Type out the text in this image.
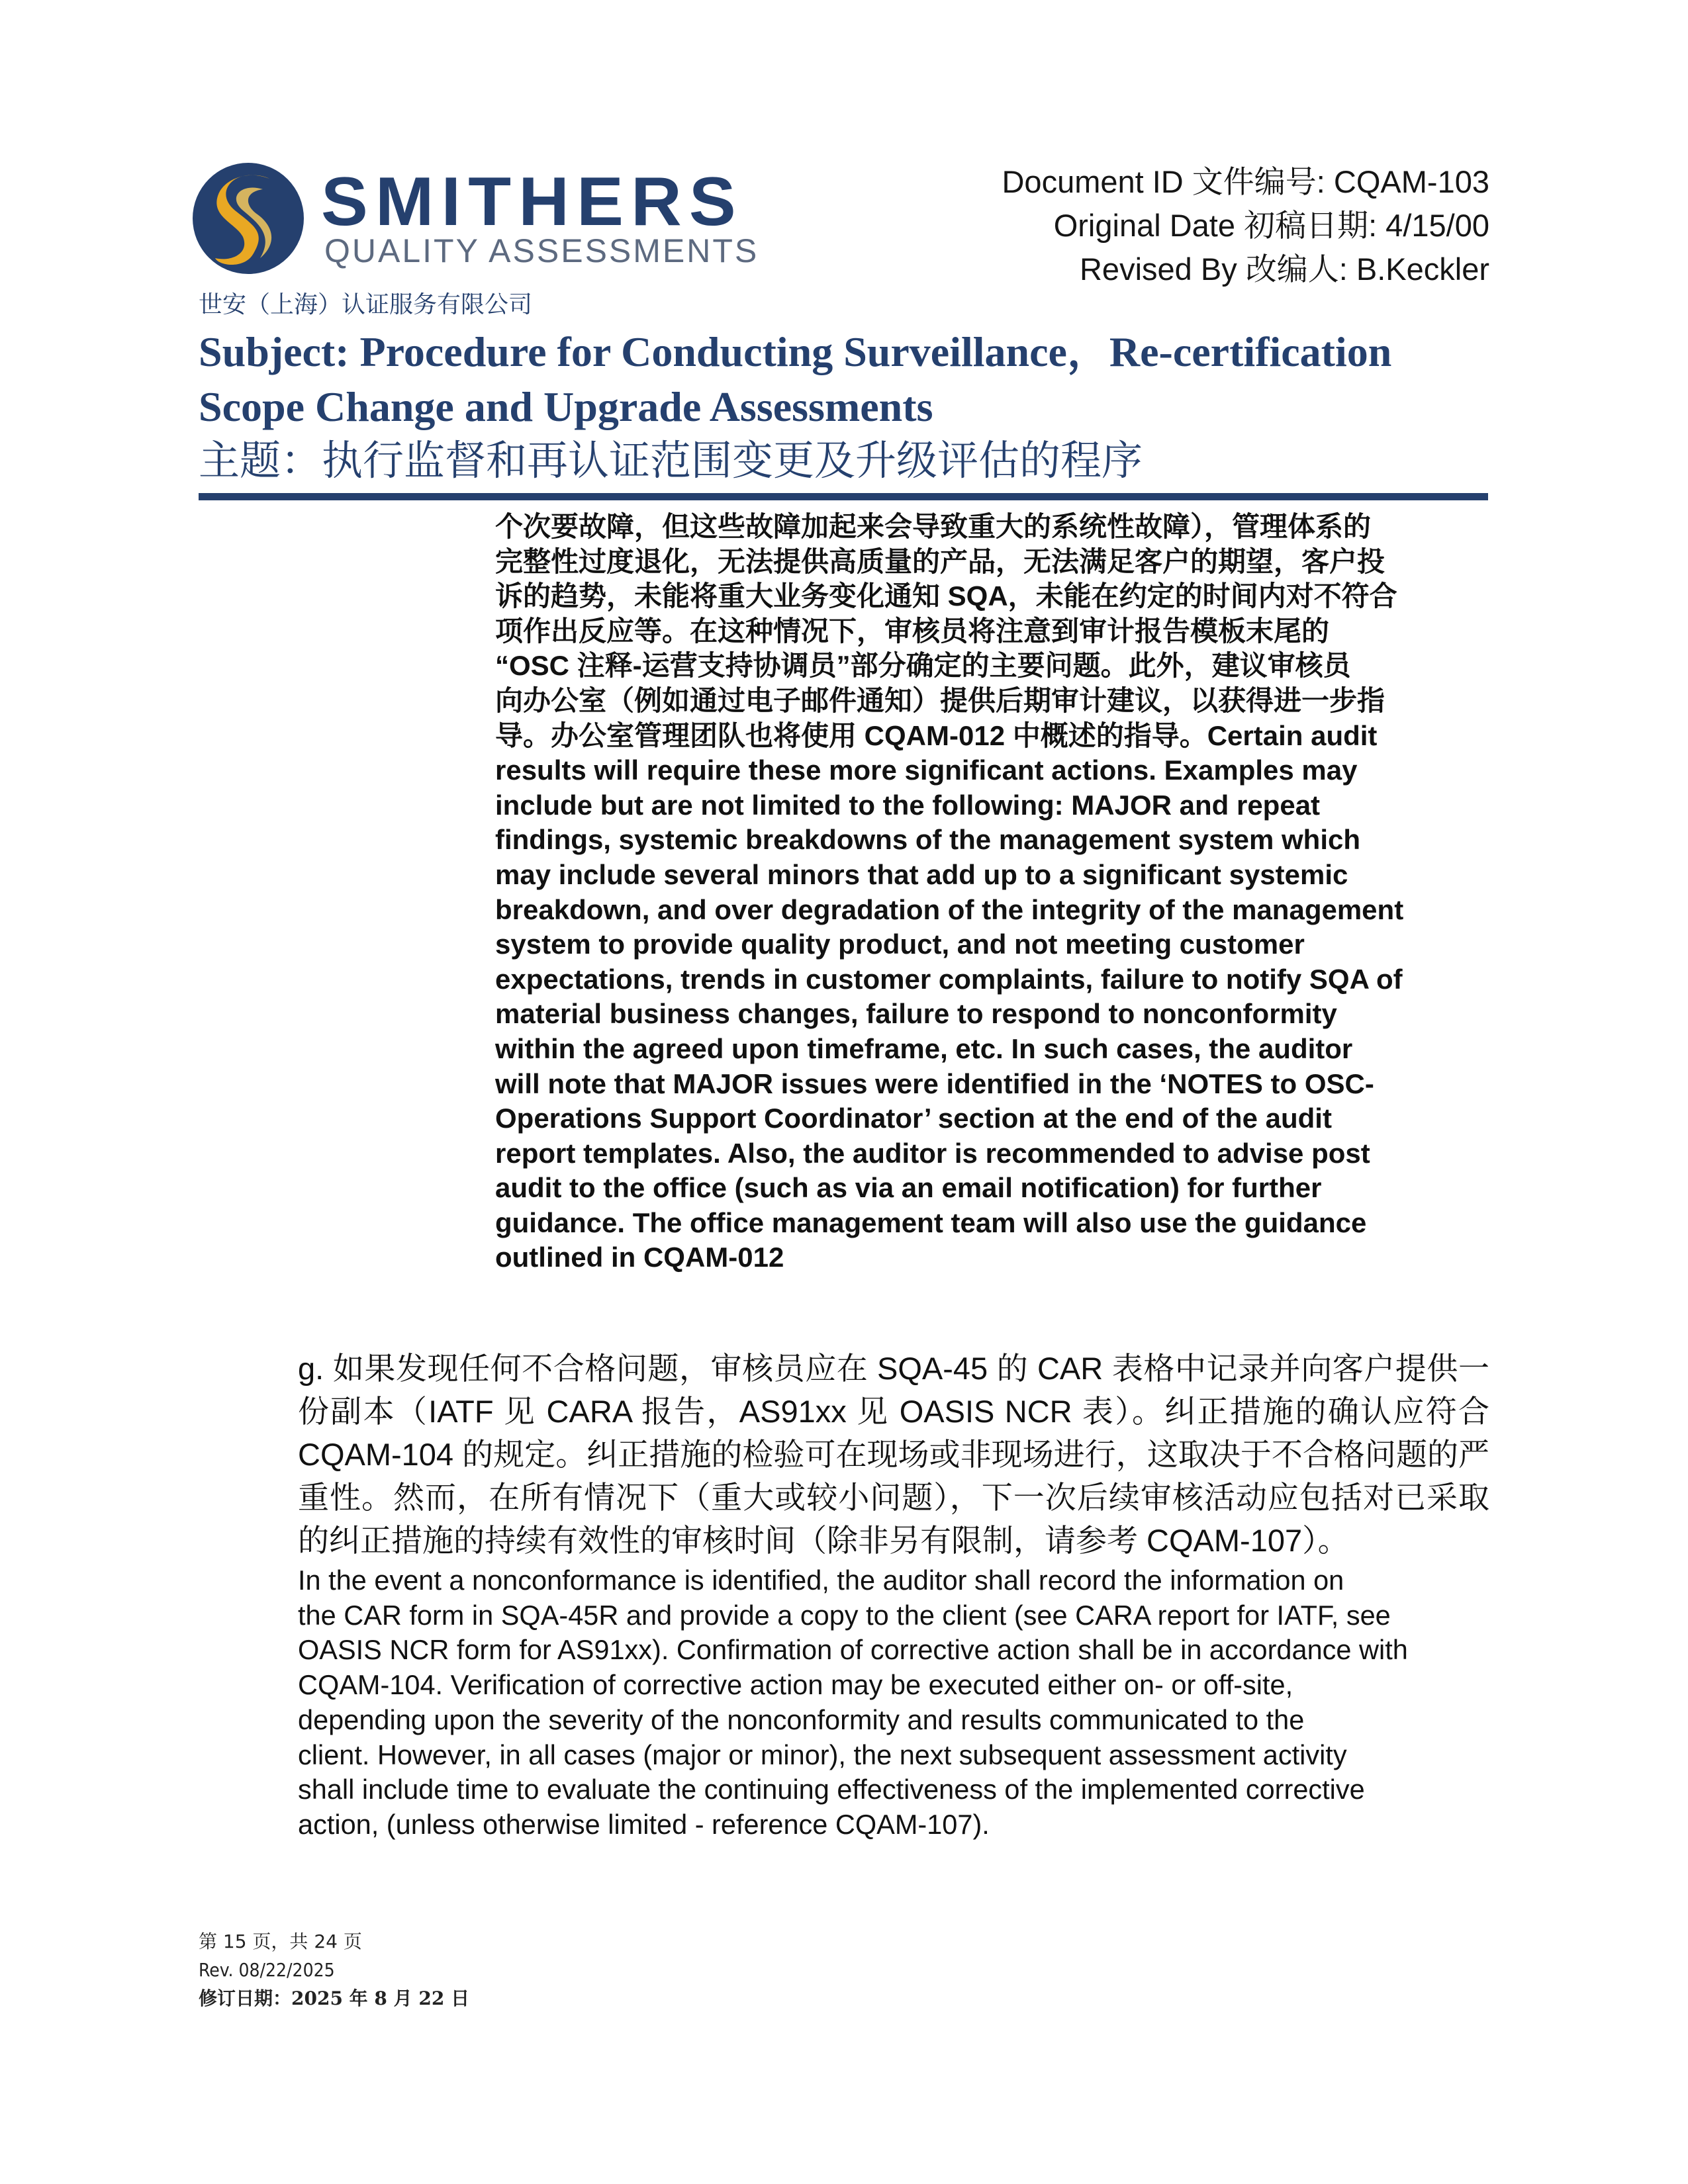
SMITHERS
QUALITY ASSESSMENTS
Document ID 文件编号: CQAM-103
Original Date 初稿日期: 4/15/00
Revised By 改编人: B.Keckler
世安（上海）认证服务有限公司
Subject: Procedure for Conducting Surveillance，Re-certification
Scope Change and Upgrade Assessments
主题：执行监督和再认证范围变更及升级评估的程序
个次要故障，但这些故障加起来会导致重大的系统性故障），管理体系的
完整性过度退化，无法提供高质量的产品，无法满足客户的期望，客户投
诉的趋势，未能将重大业务变化通知 SQA，未能在约定的时间内对不符合
项作出反应等。在这种情况下，审核员将注意到审计报告模板末尾的
“OSC 注释-运营支持协调员”部分确定的主要问题。此外，建议审核员
向办公室（例如通过电子邮件通知）提供后期审计建议，以获得进一步指
导。办公室管理团队也将使用 CQAM-012 中概述的指导。Certain audit
results will require these more significant actions. Examples may
include but are not limited to the following: MAJOR and repeat
findings, systemic breakdowns of the management system which
may include several minors that add up to a significant systemic
breakdown, and over degradation of the integrity of the management
system to provide quality product, and not meeting customer
expectations, trends in customer complaints, failure to notify SQA of
material business changes, failure to respond to nonconformity
within the agreed upon timeframe, etc. In such cases, the auditor
will note that MAJOR issues were identified in the ‘NOTES to OSC-
Operations Support Coordinator’ section at the end of the audit
report templates. Also, the auditor is recommended to advise post
audit to the office (such as via an email notification) for further
guidance. The office management team will also use the guidance
outlined in CQAM-012
g. 如果发现任何不合格问题，审核员应在 SQA-45 的 CAR 表格中记录并向客户提供一份副本（IATF 见 CARA 报告，AS91xx 见 OASIS NCR 表）。纠正措施的确认应符合 CQAM-104 的规定。纠正措施的检验可在现场或非现场进行，这取决于不合格问题的严重性。然而，在所有情况下（重大或较小问题），下一次后续审核活动应包括对已采取的纠正措施的持续有效性的审核时间（除非另有限制，请参考 CQAM-107）。
In the event a nonconformance is identified, the auditor shall record the information on
the CAR form in SQA-45R and provide a copy to the client (see CARA report for IATF, see
OASIS NCR form for AS91xx). Confirmation of corrective action shall be in accordance with
CQAM-104. Verification of corrective action may be executed either on- or off-site,
depending upon the severity of the nonconformity and results communicated to the
client. However, in all cases (major or minor), the next subsequent assessment activity
shall include time to evaluate the continuing effectiveness of the implemented corrective
action, (unless otherwise limited - reference CQAM-107).
第 15 页，共 24 页
Rev. 08/22/2025
修订日期：2025 年 8 月 22 日
